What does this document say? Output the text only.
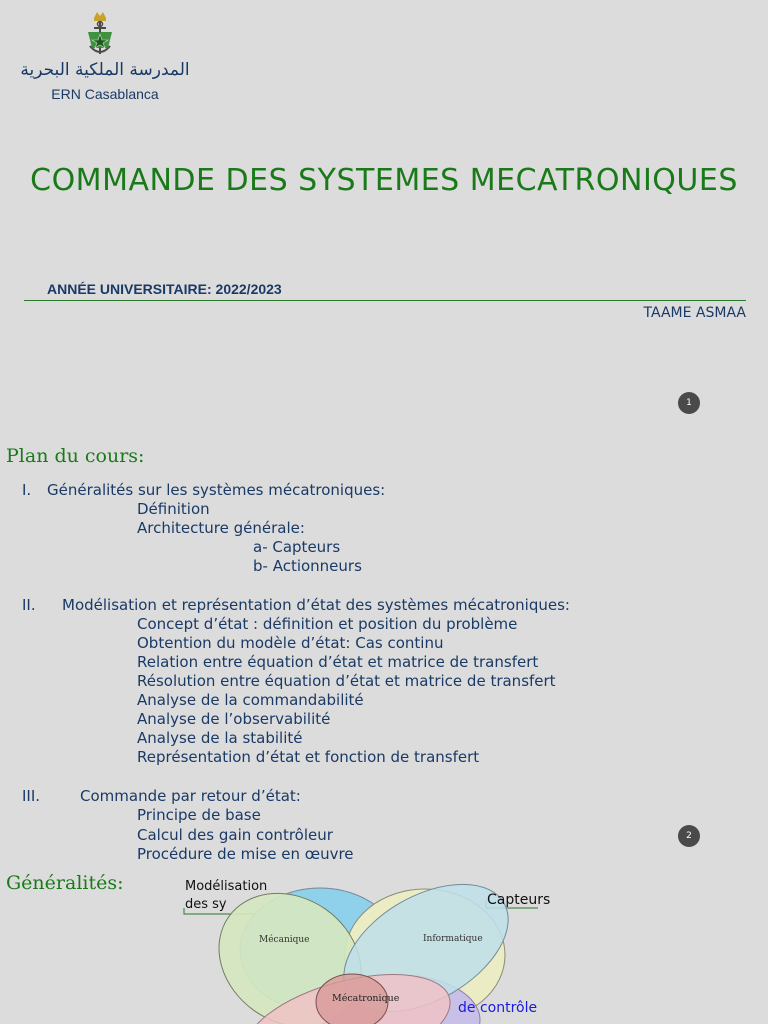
المدرسة الملكية البحرية
ERN Casablanca
COMMANDE DES SYSTEMES MECATRONIQUES
ANNÉE UNIVERSITAIRE: 2022/2023
TAAME ASMAA
1
Plan du cours:
I. Généralités sur les systèmes mécatroniques:
Définition
Architecture générale:
a- Capteurs
b- Actionneurs
II. Modélisation et représentation d’état des systèmes mécatroniques:
Concept d’état : définition et position du problème
Obtention du modèle d’état: Cas continu
Relation entre équation d’état et matrice de transfert
Résolution entre équation d’état et matrice de transfert
Analyse de la commandabilité
Analyse de l’observabilité
Analyse de la stabilité
Représentation d’état et fonction de transfert
III.	Commande par retour d’état:
Principe de base
Calcul des gain contrôleur
Procédure de mise en œuvre
2
Généralités:
Mécanique	Informatique
Mécatronique
Modélisation
des sy	Capteurs
de contrôle
